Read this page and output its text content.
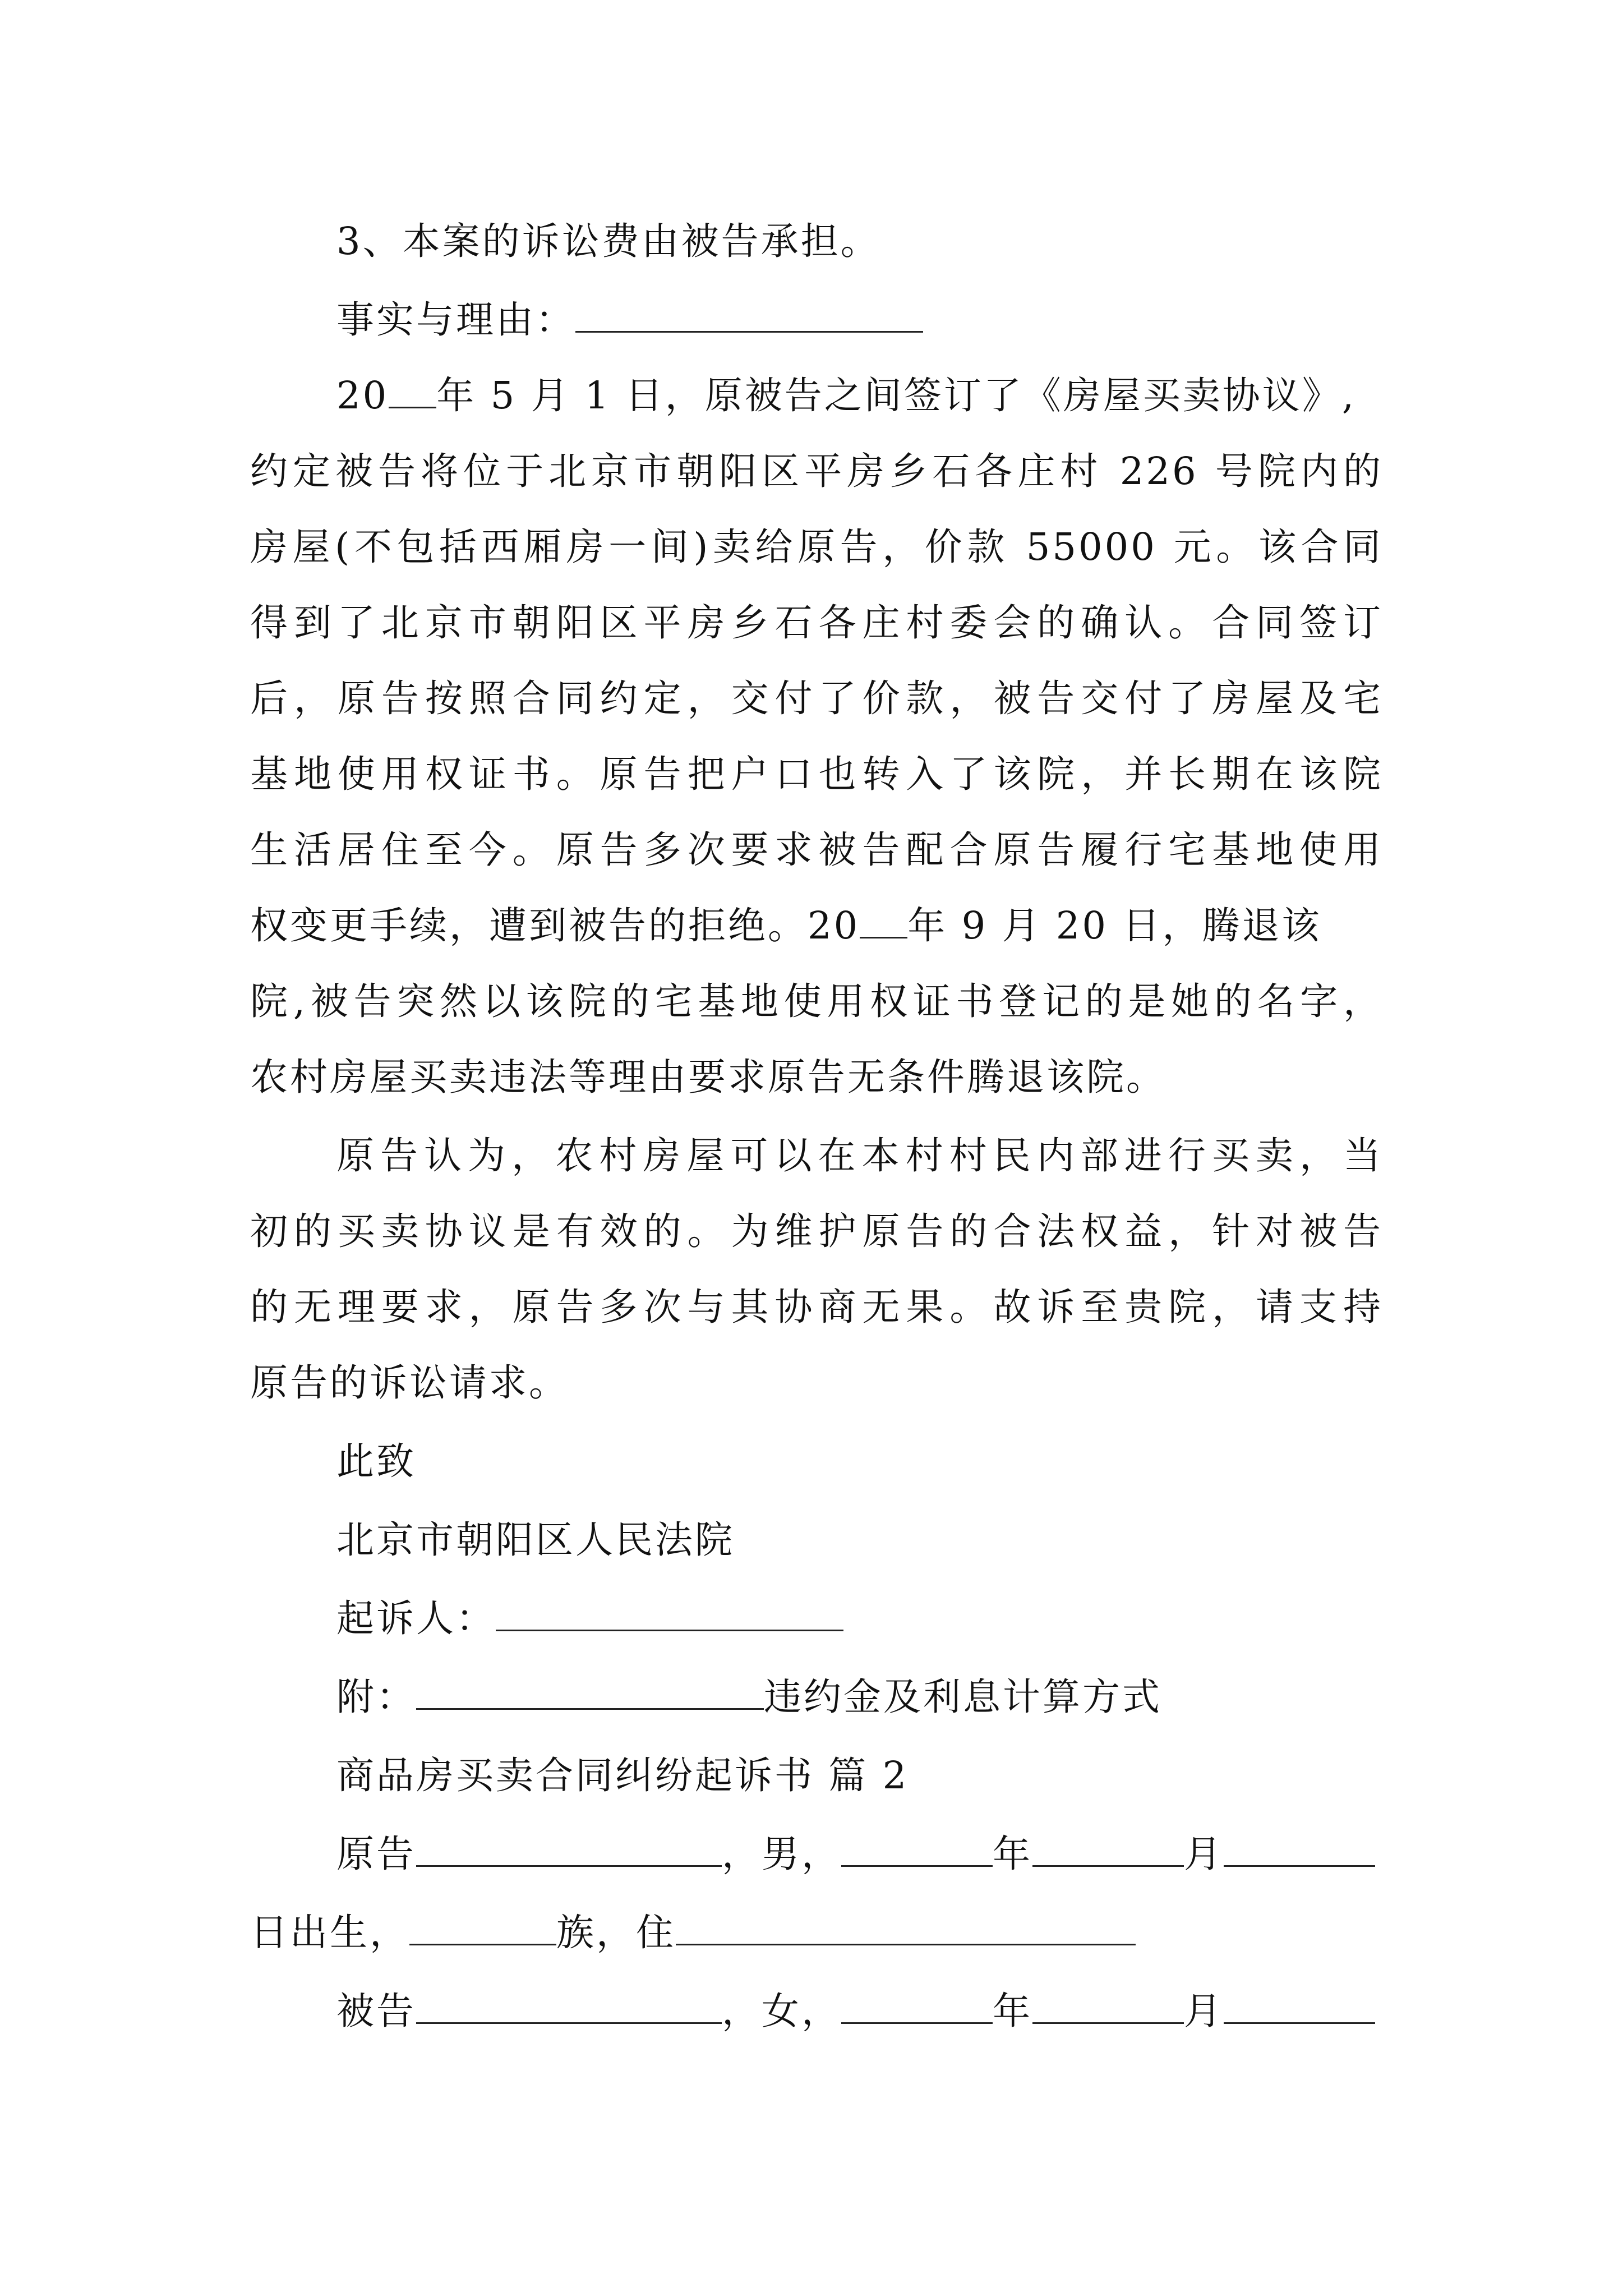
3、本案的诉讼费由被告承担。
事实与理由：
20 年 5 月 1 日，原被告之间签订了《房屋买卖协议》,
约定被告将位于北京市朝阳区平房乡石各庄村 226 号院内的
房屋(不包括西厢房一间)卖给原告，价款 55000 元。该合同
得到了北京市朝阳区平房乡石各庄村委会的确认。合同签订
后，原告按照合同约定，交付了价款，被告交付了房屋及宅
基地使用权证书。原告把户口也转入了该院，并长期在该院
生活居住至今。原告多次要求被告配合原告履行宅基地使用
权变更手续，遭到被告的拒绝。20 年 9 月 20 日，腾退该
院,被告突然以该院的宅基地使用权证书登记的是她的名字，
农村房屋买卖违法等理由要求原告无条件腾退该院。
原告认为，农村房屋可以在本村村民内部进行买卖，当
初的买卖协议是有效的。为维护原告的合法权益，针对被告
的无理要求，原告多次与其协商无果。故诉至贵院，请支持
原告的诉讼请求。
此致
北京市朝阳区人民法院
起诉人：
附：	违约金及利息计算方式
商品房买卖合同纠纷起诉书 篇 2
原告	，男，	年	月
日出生，	族，住
被告	，女，	年	月
